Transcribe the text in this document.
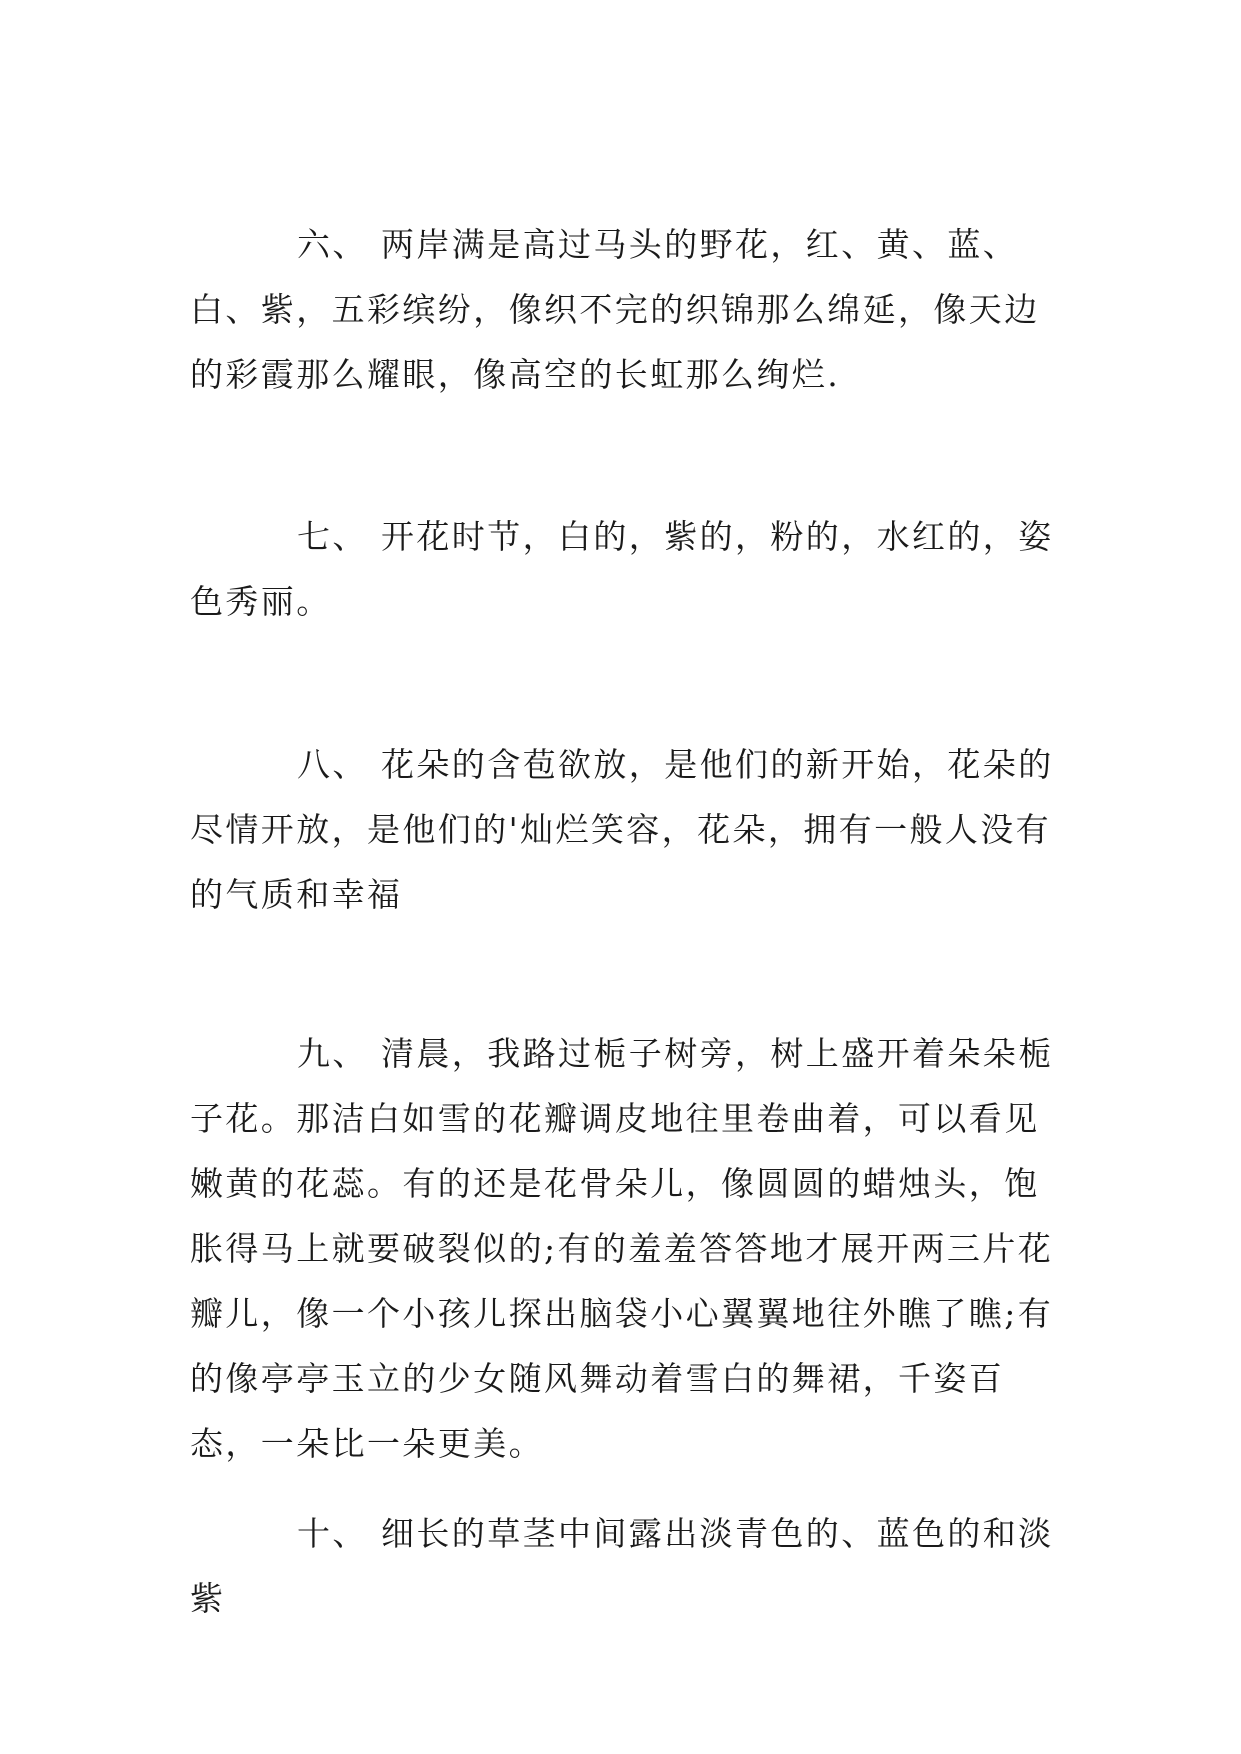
六、 两岸满是高过马头的野花，红、黄、蓝、白、紫，五彩缤纷，像织不完的织锦那么绵延，像天边的彩霞那么耀眼，像高空的长虹那么绚烂.

七、 开花时节，白的，紫的，粉的，水红的，姿色秀丽。

八、 花朵的含苞欲放，是他们的新开始，花朵的尽情开放，是他们的'灿烂笑容，花朵，拥有一般人没有的气质和幸福

九、 清晨，我路过栀子树旁，树上盛开着朵朵栀子花。那洁白如雪的花瓣调皮地往里卷曲着，可以看见嫩黄的花蕊。有的还是花骨朵儿，像圆圆的蜡烛头，饱胀得马上就要破裂似的;有的羞羞答答地才展开两三片花瓣儿，像一个小孩儿探出脑袋小心翼翼地往外瞧了瞧;有的像亭亭玉立的少女随风舞动着雪白的舞裙，千姿百态，一朵比一朵更美。

十、 细长的草茎中间露出淡青色的、蓝色的和淡紫
